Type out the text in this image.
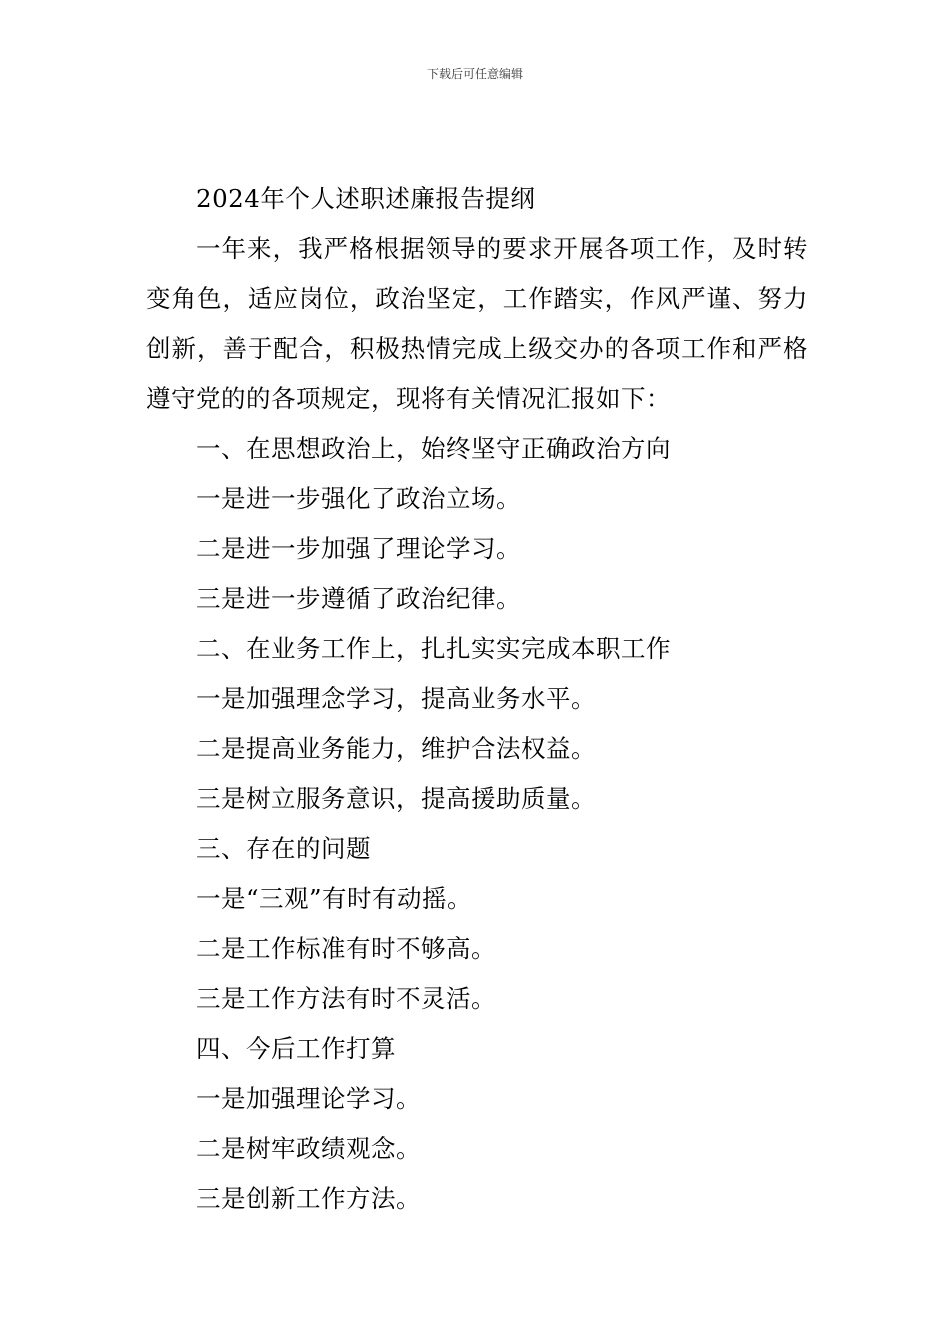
下载后可任意编辑

2024年个人述职述廉报告提纲

一年来，我严格根据领导的要求开展各项工作，及时转变角色，适应岗位，政治坚定，工作踏实，作风严谨、努力创新，善于配合，积极热情完成上级交办的各项工作和严格遵守党的的各项规定，现将有关情况汇报如下：

一、在思想政治上，始终坚守正确政治方向

一是进一步强化了政治立场。

二是进一步加强了理论学习。

三是进一步遵循了政治纪律。

二、在业务工作上，扎扎实实完成本职工作

一是加强理念学习，提高业务水平。

二是提高业务能力，维护合法权益。

三是树立服务意识，提高援助质量。

三、存在的问题

一是“三观”有时有动摇。

二是工作标准有时不够高。

三是工作方法有时不灵活。

四、今后工作打算

一是加强理论学习。

二是树牢政绩观念。

三是创新工作方法。
